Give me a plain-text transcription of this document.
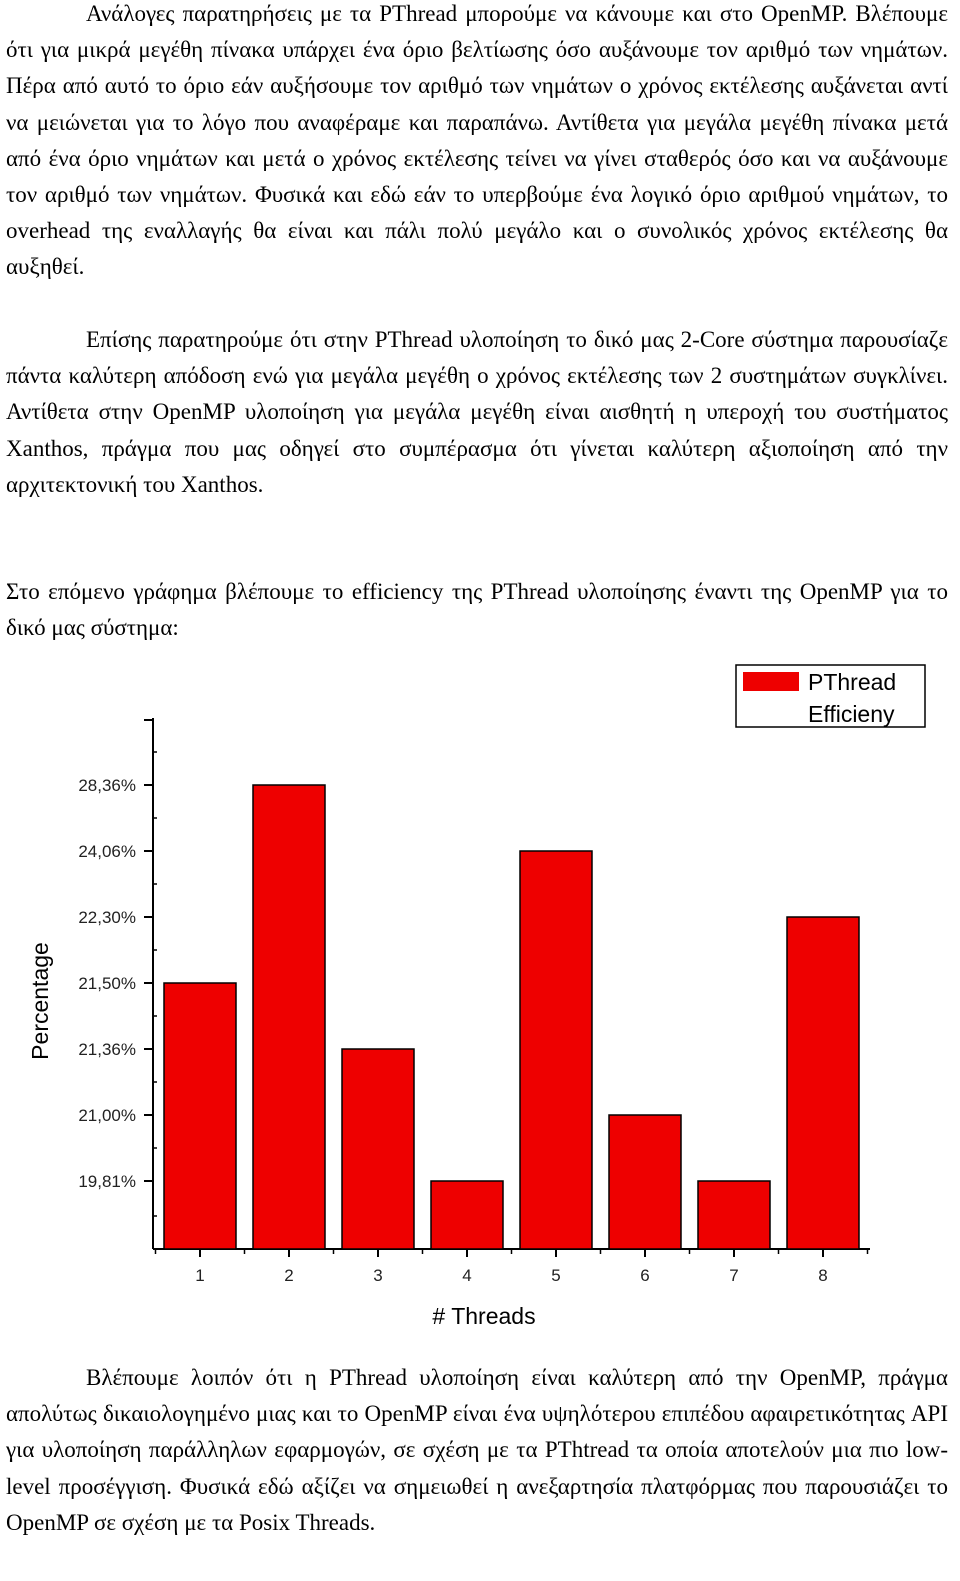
Ανάλογες παρατηρήσεις με τα PThread μπορούμε να κάνουμε και στο OpenMP. Βλέπουμε ότι για μικρά μεγέθη πίνακα υπάρχει ένα όριο βελτίωσης όσο αυξάνουμε τον αριθμό των νημάτων. Πέρα από αυτό το όριο εάν αυξήσουμε τον αριθμό των νημάτων ο χρόνος εκτέλεσης αυξάνεται αντί να μειώνεται για το λόγο που αναφέραμε και παραπάνω. Αντίθετα για μεγάλα μεγέθη πίνακα μετά από ένα όριο νημάτων και μετά ο χρόνος εκτέλεσης τείνει να γίνει σταθερός όσο και να αυξάνουμε τον αριθμό των νημάτων. Φυσικά και εδώ εάν το υπερβούμε ένα λογικό όριο αριθμού νημάτων, το overhead της εναλλαγής θα είναι και πάλι πολύ μεγάλο και ο συνολικός χρόνος εκτέλεσης θα αυξηθεί.

Επίσης παρατηρούμε ότι στην PThread υλοποίηση το δικό μας 2-Core σύστημα παρουσίαζε πάντα καλύτερη απόδοση ενώ για μεγάλα μεγέθη ο χρόνος εκτέλεσης των 2 συστημάτων συγκλίνει. Αντίθετα στην OpenMP υλοποίηση για μεγάλα μεγέθη είναι αισθητή η υπεροχή του συστήματος Xanthos, πράγμα που μας οδηγεί στο συμπέρασμα ότι γίνεται καλύτερη αξιοποίηση από την αρχιτεκτονική του Xanthos.

Στο επόμενο γράφημα βλέπουμε το efficiency της PThread υλοποίησης έναντι της OpenMP για το δικό μας σύστημα:

PThread
Efficieny
19,81%
21,00%
21,36%
21,50%
22,30%
24,06%
28,36%
1	2	3	4	5	6	7	8
# Threads
Percentage

Βλέπουμε λοιπόν ότι η PThread υλοποίηση είναι καλύτερη από την OpenMP, πράγμα απολύτως δικαιολογημένο μιας και το OpenMP είναι ένα υψηλότερου επιπέδου αφαιρετικότητας API για υλοποίηση παράλληλων εφαρμογών, σε σχέση με τα PThtread τα οποία αποτελούν μια πιο low-level προσέγγιση. Φυσικά εδώ αξίζει να σημειωθεί η ανεξαρτησία πλατφόρμας που παρουσιάζει το OpenMP σε σχέση με τα Posix Threads.
